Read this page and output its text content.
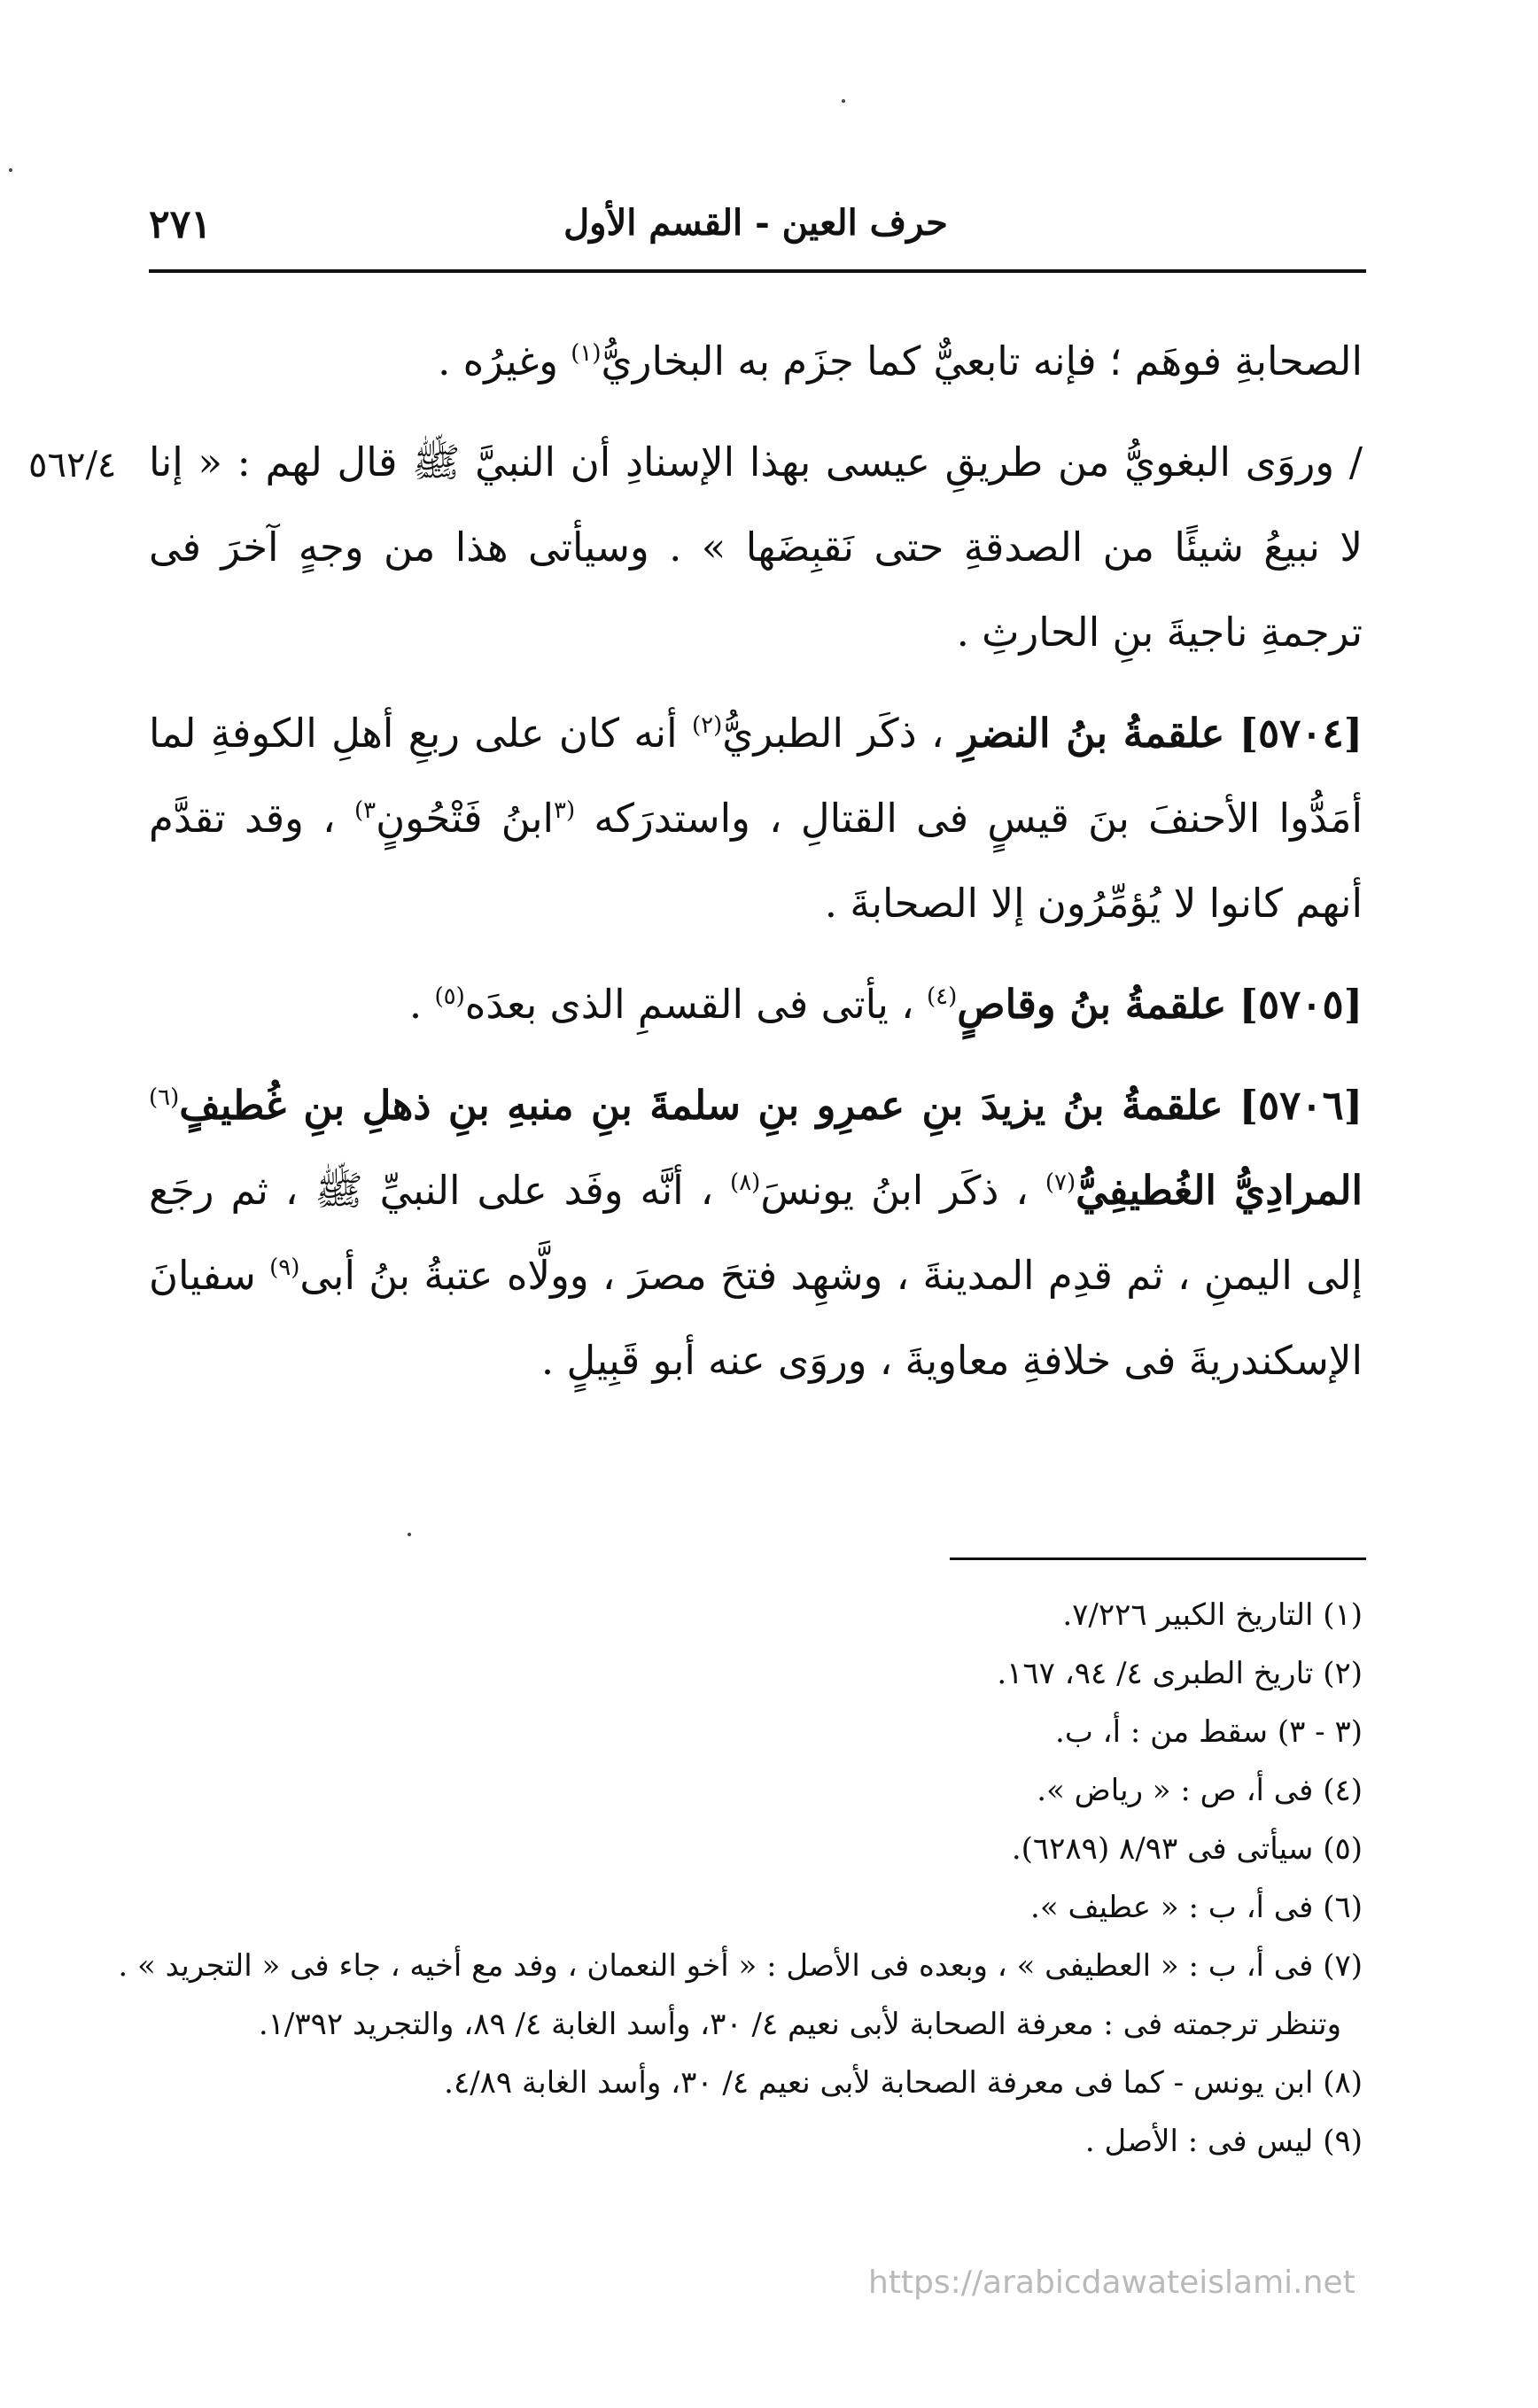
٢٧١	حرف العين - القسم الأول
٥٦٢/٤

الصحابةِ فوهَم ؛ فإنه تابعيٌّ كما جزَم به البخاريُّ$^{(١)}$ وغيرُه .

/ وروَى البغويُّ من طريقِ عيسى بهذا الإسنادِ أن النبيَّ ﷺ قال لهم : « إنا لا نبيعُ شيئًا من الصدقةِ حتى نَقبِضَها » . وسيأتى هذا من وجهٍ آخرَ فى ترجمةِ ناجيةَ بنِ الحارثِ .

[٥٧٠٤] علقمةُ بنُ النضرِ ، ذكَر الطبريُّ$^{(٢)}$ أنه كان على ربعِ أهلِ الكوفةِ لما أمَدُّوا الأحنفَ بنَ قيسٍ فى القتالِ ، واستدرَكه $^{(٣}$ابنُ فَتْحُونٍ$^{٣)}$ ، وقد تقدَّم أنهم كانوا لا يُؤمِّرُون إلا الصحابةَ .

[٥٧٠٥] علقمةُ بنُ وقاصٍ$^{(٤)}$ ، يأتى فى القسمِ الذى بعدَه$^{(٥)}$ .

[٥٧٠٦] علقمةُ بنُ يزيدَ بنِ عمرِو بنِ سلمةَ بنِ منبهِ بنِ ذهلِ بنِ غُطيفٍ$^{(٦)}$ المرادِيُّ الغُطيفِيُّ$^{(٧)}$ ، ذكَر ابنُ يونسَ$^{(٨)}$ ، أنَّه وفَد على النبيِّ ﷺ ، ثم رجَع إلى اليمنِ ، ثم قدِم المدينةَ ، وشهِد فتحَ مصرَ ، وولَّاه عتبةُ بنُ أبى$^{(٩)}$ سفيانَ الإسكندريةَ فى خلافةِ معاويةَ ، وروَى عنه أبو قَبِيلٍ .

(١) التاريخ الكبير ٧/٢٢٦.

(٢) تاريخ الطبرى ٤/ ٩٤، ١٦٧.

(٣ - ٣) سقط من : أ، ب.

(٤) فى أ، ص : « رياض ».

(٥) سيأتى فى ٨/٩٣ (٦٢٨٩).

(٦) فى أ، ب : « عطيف ».

(٧) فى أ، ب : « العطيفى » ، وبعده فى الأصل : « أخو النعمان ، وفد مع أخيه ، جاء فى « التجريد » .

وتنظر ترجمته فى : معرفة الصحابة لأبى نعيم ٤/ ٣٠، وأسد الغابة ٤/ ٨٩، والتجريد ١/٣٩٢.

(٨) ابن يونس - كما فى معرفة الصحابة لأبى نعيم ٤/ ٣٠، وأسد الغابة ٤/٨٩.

(٩) ليس فى : الأصل .

https://arabicdawateislami.net
